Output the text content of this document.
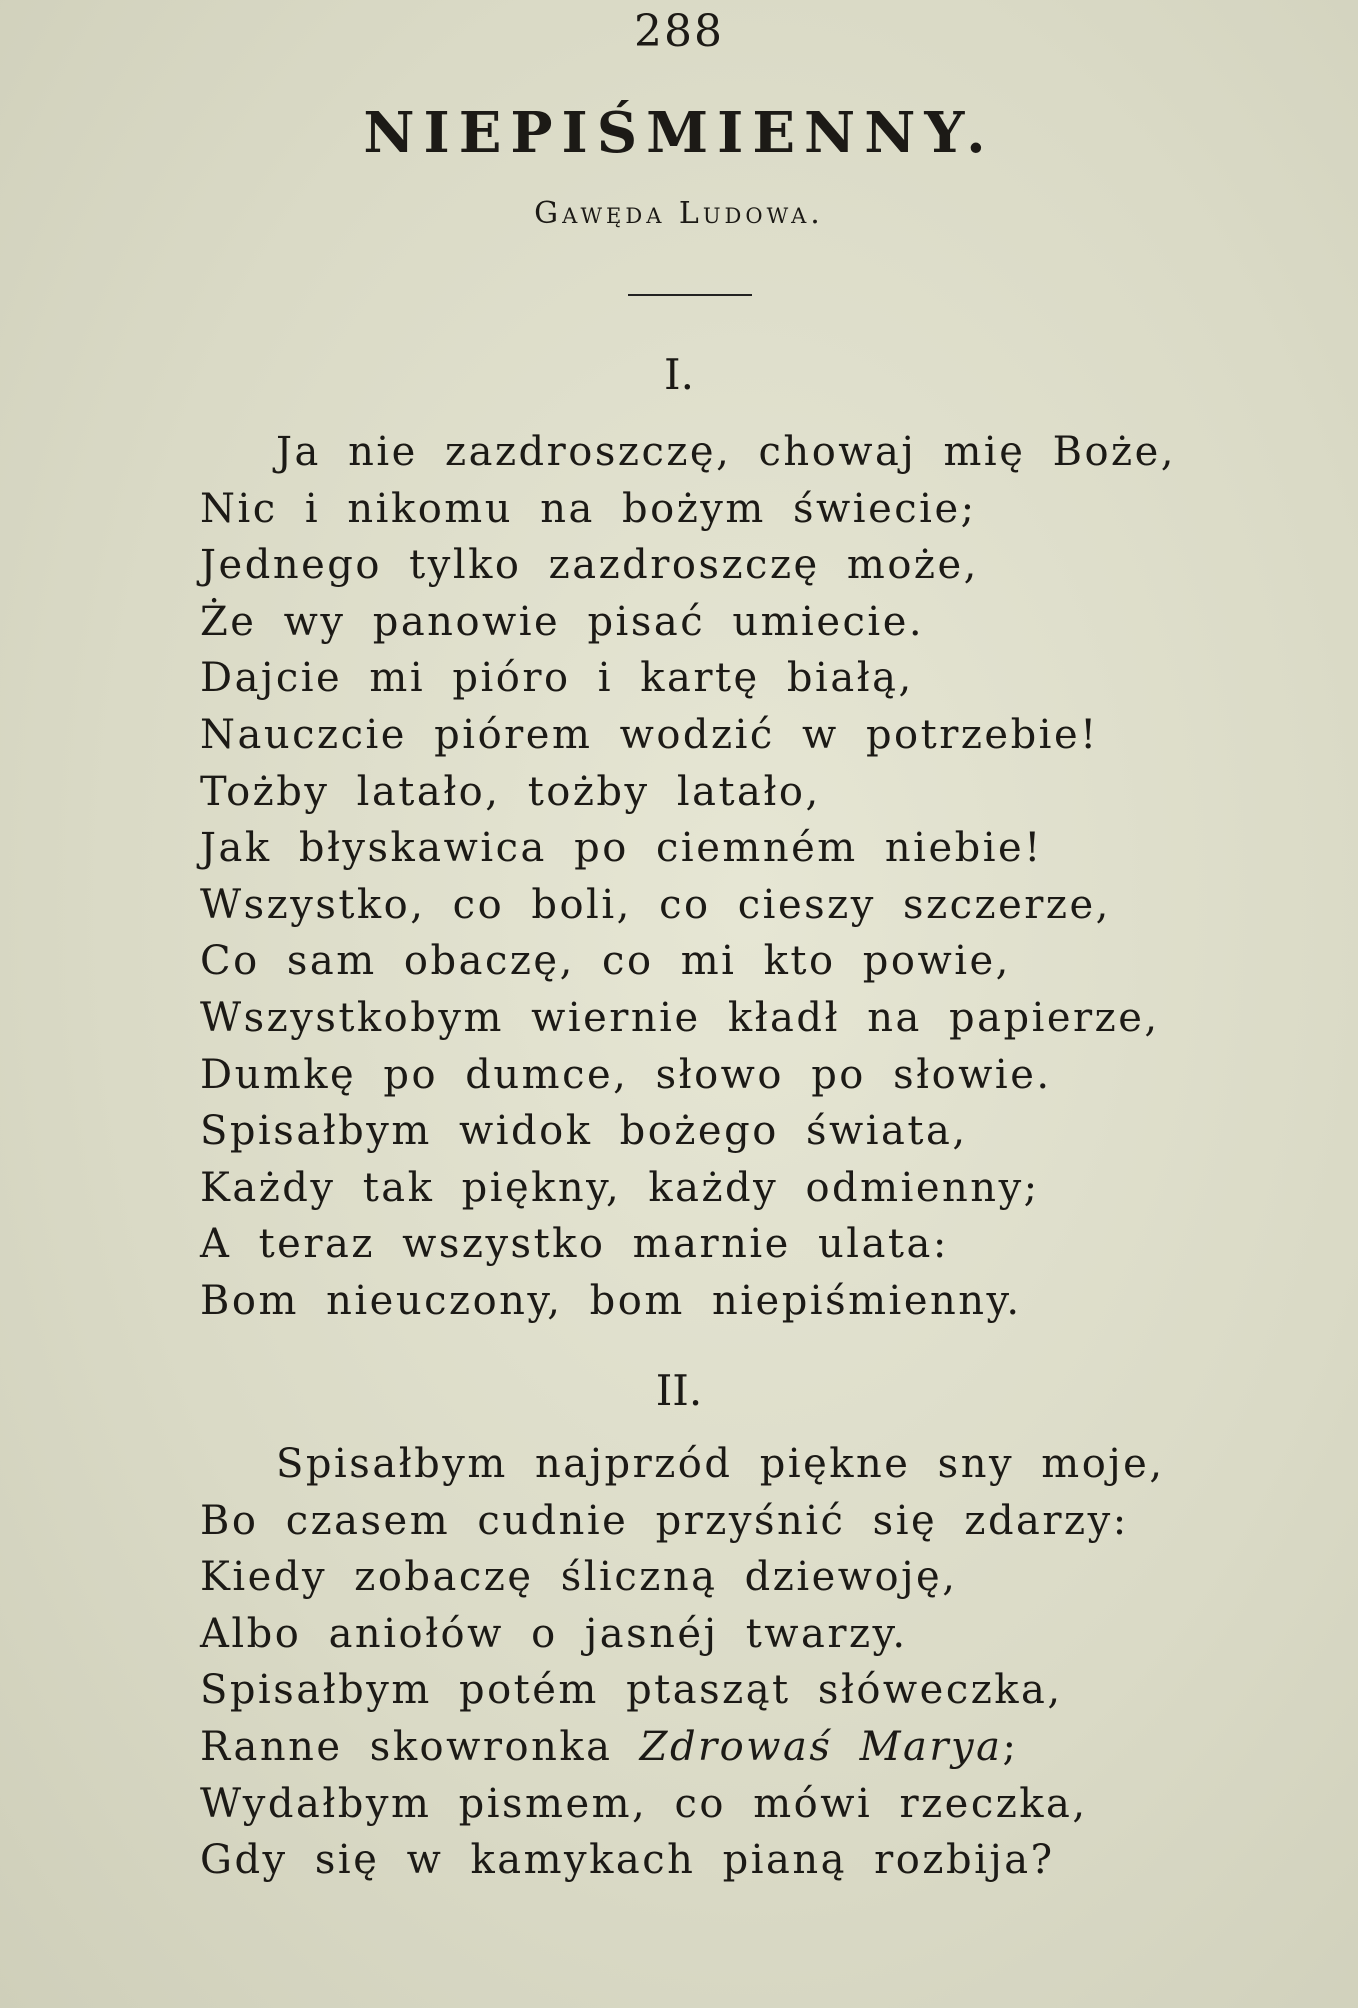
288
NIEPIŚMIENNY.
Gawęda Ludowa.
I.
Ja nie zazdroszczę, chowaj mię Boże,
Nic i nikomu na bożym świecie;
Jednego tylko zazdroszczę może,
Że wy panowie pisać umiecie.
Dajcie mi pióro i kartę białą,
Nauczcie piórem wodzić w potrzebie!
Tożby latało, tożby latało,
Jak błyskawica po ciemném niebie!
Wszystko, co boli, co cieszy szczerze,
Co sam obaczę, co mi kto powie,
Wszystkobym wiernie kładł na papierze,
Dumkę po dumce, słowo po słowie.
Spisałbym widok bożego świata,
Każdy tak piękny, każdy odmienny;
A teraz wszystko marnie ulata:
Bom nieuczony, bom niepiśmienny.
II.
Spisałbym najprzód piękne sny moje,
Bo czasem cudnie przyśnić się zdarzy:
Kiedy zobaczę śliczną dziewoję,
Albo aniołów o jasnéj twarzy.
Spisałbym potém ptasząt słóweczka,
Ranne skowronka Zdrowaś Marya;
Wydałbym pismem, co mówi rzeczka,
Gdy się w kamykach pianą rozbija?
